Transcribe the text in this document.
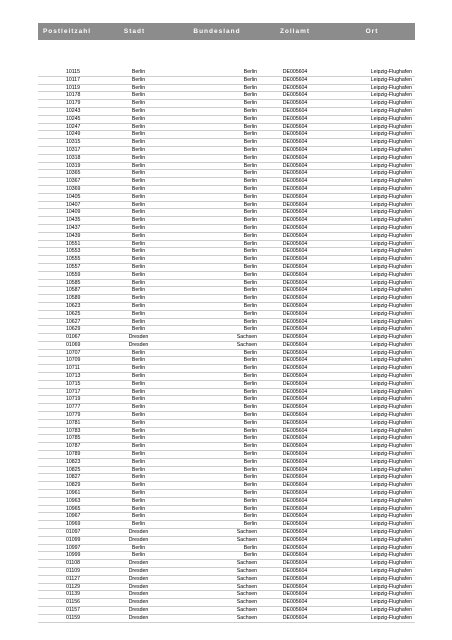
Postleitzahl	Stadt	Bundesland	Zollamt	Ort
10115	Berlin	Berlin	DE005604	Leipzig-Flughafen
10117	Berlin	Berlin	DE005604	Leipzig-Flughafen
10119	Berlin	Berlin	DE005604	Leipzig-Flughafen
10178	Berlin	Berlin	DE005604	Leipzig-Flughafen
10179	Berlin	Berlin	DE005604	Leipzig-Flughafen
10243	Berlin	Berlin	DE005604	Leipzig-Flughafen
10245	Berlin	Berlin	DE005604	Leipzig-Flughafen
10247	Berlin	Berlin	DE005604	Leipzig-Flughafen
10249	Berlin	Berlin	DE005604	Leipzig-Flughafen
10315	Berlin	Berlin	DE005604	Leipzig-Flughafen
10317	Berlin	Berlin	DE005604	Leipzig-Flughafen
10318	Berlin	Berlin	DE005604	Leipzig-Flughafen
10319	Berlin	Berlin	DE005604	Leipzig-Flughafen
10365	Berlin	Berlin	DE005604	Leipzig-Flughafen
10367	Berlin	Berlin	DE005604	Leipzig-Flughafen
10369	Berlin	Berlin	DE005604	Leipzig-Flughafen
10405	Berlin	Berlin	DE005604	Leipzig-Flughafen
10407	Berlin	Berlin	DE005604	Leipzig-Flughafen
10409	Berlin	Berlin	DE005604	Leipzig-Flughafen
10435	Berlin	Berlin	DE005604	Leipzig-Flughafen
10437	Berlin	Berlin	DE005604	Leipzig-Flughafen
10439	Berlin	Berlin	DE005604	Leipzig-Flughafen
10551	Berlin	Berlin	DE005604	Leipzig-Flughafen
10553	Berlin	Berlin	DE005604	Leipzig-Flughafen
10555	Berlin	Berlin	DE005604	Leipzig-Flughafen
10557	Berlin	Berlin	DE005604	Leipzig-Flughafen
10559	Berlin	Berlin	DE005604	Leipzig-Flughafen
10585	Berlin	Berlin	DE005604	Leipzig-Flughafen
10587	Berlin	Berlin	DE005604	Leipzig-Flughafen
10589	Berlin	Berlin	DE005604	Leipzig-Flughafen
10623	Berlin	Berlin	DE005604	Leipzig-Flughafen
10625	Berlin	Berlin	DE005604	Leipzig-Flughafen
10627	Berlin	Berlin	DE005604	Leipzig-Flughafen
10629	Berlin	Berlin	DE005604	Leipzig-Flughafen
01067	Dresden	Sachsen	DE005604	Leipzig-Flughafen
01069	Dresden	Sachsen	DE005604	Leipzig-Flughafen
10707	Berlin	Berlin	DE005604	Leipzig-Flughafen
10709	Berlin	Berlin	DE005604	Leipzig-Flughafen
10711	Berlin	Berlin	DE005604	Leipzig-Flughafen
10713	Berlin	Berlin	DE005604	Leipzig-Flughafen
10715	Berlin	Berlin	DE005604	Leipzig-Flughafen
10717	Berlin	Berlin	DE005604	Leipzig-Flughafen
10719	Berlin	Berlin	DE005604	Leipzig-Flughafen
10777	Berlin	Berlin	DE005604	Leipzig-Flughafen
10779	Berlin	Berlin	DE005604	Leipzig-Flughafen
10781	Berlin	Berlin	DE005604	Leipzig-Flughafen
10783	Berlin	Berlin	DE005604	Leipzig-Flughafen
10785	Berlin	Berlin	DE005604	Leipzig-Flughafen
10787	Berlin	Berlin	DE005604	Leipzig-Flughafen
10789	Berlin	Berlin	DE005604	Leipzig-Flughafen
10823	Berlin	Berlin	DE005604	Leipzig-Flughafen
10825	Berlin	Berlin	DE005604	Leipzig-Flughafen
10827	Berlin	Berlin	DE005604	Leipzig-Flughafen
10829	Berlin	Berlin	DE005604	Leipzig-Flughafen
10961	Berlin	Berlin	DE005604	Leipzig-Flughafen
10963	Berlin	Berlin	DE005604	Leipzig-Flughafen
10965	Berlin	Berlin	DE005604	Leipzig-Flughafen
10967	Berlin	Berlin	DE005604	Leipzig-Flughafen
10969	Berlin	Berlin	DE005604	Leipzig-Flughafen
01097	Dresden	Sachsen	DE005604	Leipzig-Flughafen
01099	Dresden	Sachsen	DE005604	Leipzig-Flughafen
10997	Berlin	Berlin	DE005604	Leipzig-Flughafen
10999	Berlin	Berlin	DE005604	Leipzig-Flughafen
01108	Dresden	Sachsen	DE005604	Leipzig-Flughafen
01109	Dresden	Sachsen	DE005604	Leipzig-Flughafen
01127	Dresden	Sachsen	DE005604	Leipzig-Flughafen
01129	Dresden	Sachsen	DE005604	Leipzig-Flughafen
01139	Dresden	Sachsen	DE005604	Leipzig-Flughafen
01156	Dresden	Sachsen	DE005604	Leipzig-Flughafen
01157	Dresden	Sachsen	DE005604	Leipzig-Flughafen
01159	Dresden	Sachsen	DE005604	Leipzig-Flughafen
